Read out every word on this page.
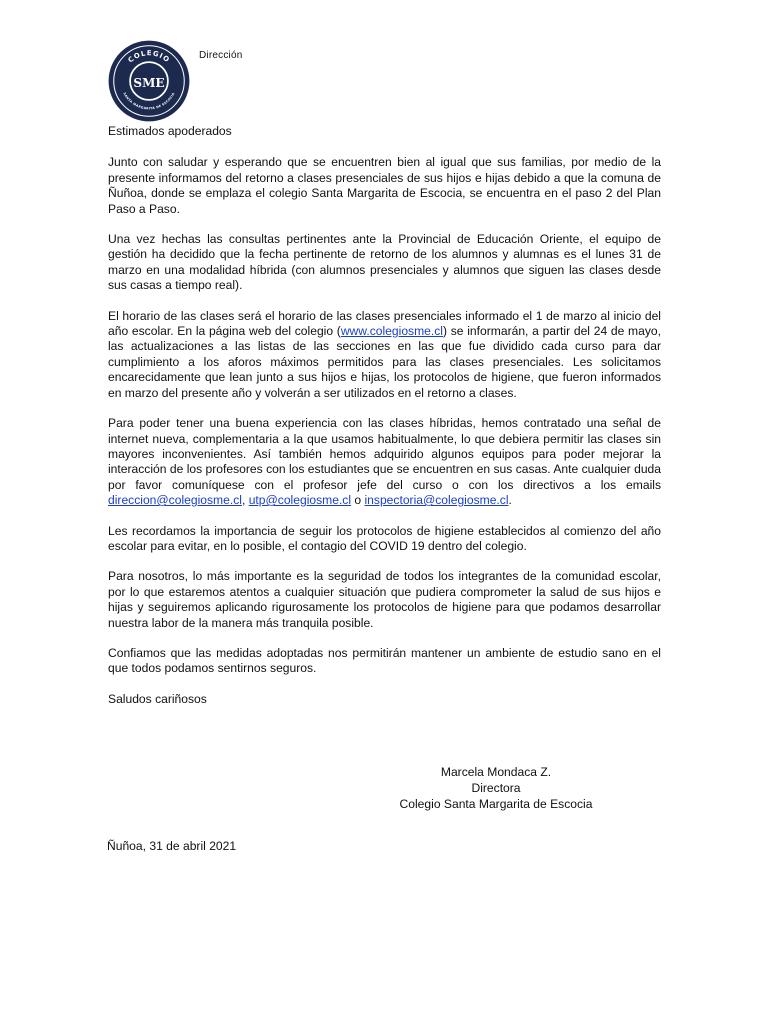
COLEGIO
SANTA MARGARITA DE ESCOCIA
SME
Dirección

Estimados apoderados

Junto con saludar y esperando que se encuentren bien al igual que sus familias, por medio de la presente informamos del retorno a clases presenciales de sus hijos e hijas debido a que la comuna de Ñuñoa, donde se emplaza el colegio Santa Margarita de Escocia, se encuentra en el paso 2 del Plan Paso a Paso.

Una vez hechas las consultas pertinentes ante la Provincial de Educación Oriente, el equipo de gestión ha decidido que la fecha pertinente de retorno de los alumnos y alumnas es el lunes 31 de marzo en una modalidad híbrida (con alumnos presenciales y alumnos que siguen las clases desde sus casas a tiempo real).

El horario de las clases será el horario de las clases presenciales informado el 1 de marzo al inicio del año escolar. En la página web del colegio (www.colegiosme.cl) se informarán, a partir del 24 de mayo, las actualizaciones a las listas de las secciones en las que fue dividido cada curso para dar cumplimiento a los aforos máximos permitidos para las clases presenciales. Les solicitamos encarecidamente que lean junto a sus hijos e hijas, los protocolos de higiene, que fueron informados en marzo del presente año y volverán a ser utilizados en el retorno a clases.

Para poder tener una buena experiencia con las clases híbridas, hemos contratado una señal de internet nueva, complementaria a la que usamos habitualmente, lo que debiera permitir las clases sin mayores inconvenientes. Así también hemos adquirido algunos equipos para poder mejorar la interacción de los profesores con los estudiantes que se encuentren en sus casas. Ante cualquier duda por favor comuníquese con el profesor jefe del curso o con los directivos a los emails direccion@colegiosme.cl, utp@colegiosme.cl o inspectoria@colegiosme.cl.

Les recordamos la importancia de seguir los protocolos de higiene establecidos al comienzo del año escolar para evitar, en lo posible, el contagio del COVID 19 dentro del colegio.

Para nosotros, lo más importante es la seguridad de todos los integrantes de la comunidad escolar, por lo que estaremos atentos a cualquier situación que pudiera comprometer la salud de sus hijos e hijas y seguiremos aplicando rigurosamente los protocolos de higiene para que podamos desarrollar nuestra labor de la manera más tranquila posible.

Confiamos que las medidas adoptadas nos permitirán mantener un ambiente de estudio sano en el que todos podamos sentirnos seguros.

Saludos cariñosos

Marcela Mondaca Z.
Directora
Colegio Santa Margarita de Escocia
Ñuñoa, 31 de abril 2021
